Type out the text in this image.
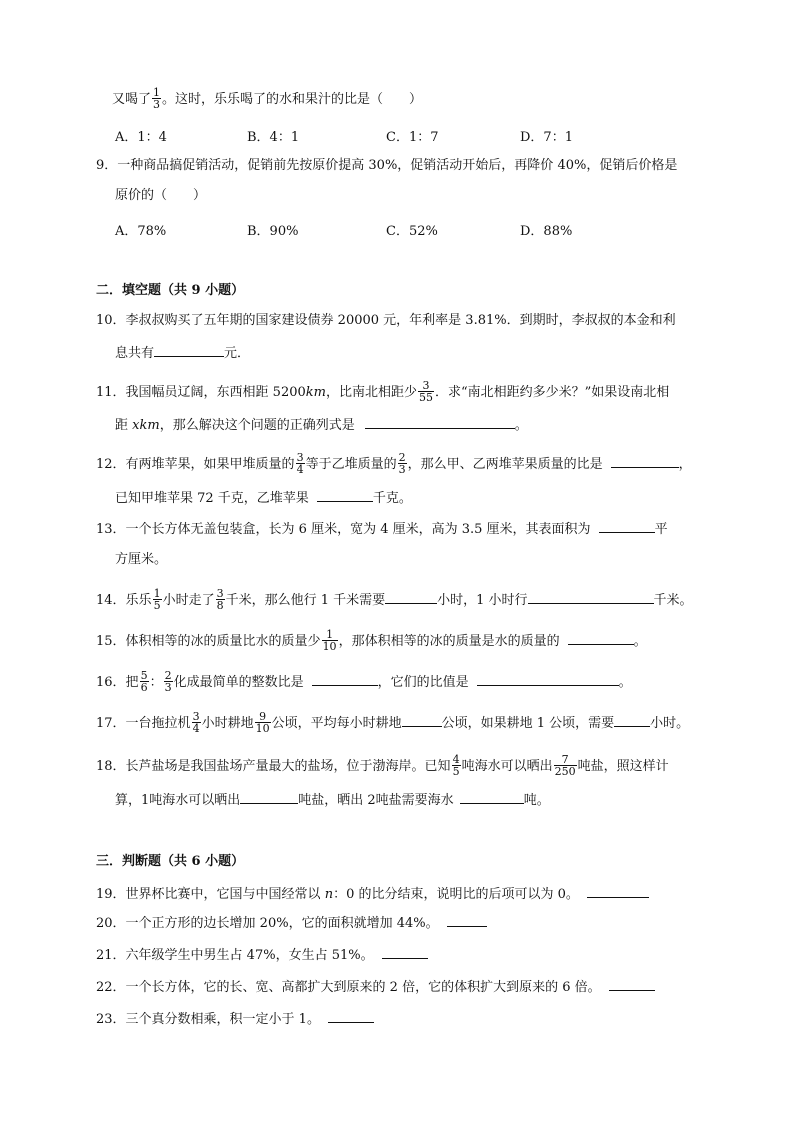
又喝了 $\frac{1}{3}$ 。这时，乐乐喝了的水和果汁的比是（　　）
A．1：4	B．4：1	C．1：7	D．7：1
9．一种商品搞促销活动，促销前先按原价提高 30%，促销活动开始后，再降价 40%，促销后价格是
原价的（　　）
A．78%	B．90%	C．52%	D．88%
二．填空题（共 9 小题）
10．李叔叔购买了五年期的国家建设债券 20000 元，年利率是 3.81%．到期时，李叔叔的本金和利
息共有	元．
11．我国幅员辽阔，东西相距 5200km，比南北相距少 $\frac{3}{55}$ ．求“南北相距约多少米？”如果设南北相
距 xkm，那么解决这个问题的正确列式是	。
12．有两堆苹果，如果甲堆质量的 $\frac{3}{4}$ 等于乙堆质量的 $\frac{2}{3}$ ，那么甲、乙两堆苹果质量的比是	，
已知甲堆苹果 72 千克，乙堆苹果	千克。
13．一个长方体无盖包装盒，长为 6 厘米，宽为 4 厘米，高为 3.5 厘米，其表面积为	平
方厘米。
14．乐乐 $\frac{1}{5}$ 小时走了 $\frac{3}{8}$ 千米，那么他行 1 千米需要	小时，1 小时行	千米。
15．体积相等的冰的质量比水的质量少 $\frac{1}{10}$ ，那体积相等的冰的质量是水的质量的	。
16．把 $\frac{5}{6}$ ： $\frac{2}{3}$ 化成最简单的整数比是	，它们的比值是	。
17．一台拖拉机 $\frac{3}{4}$ 小时耕地 $\frac{9}{10}$ 公顷，平均每小时耕地	公顷，如果耕地 1 公顷，需要	小时。
18．长芦盐场是我国盐场产量最大的盐场，位于渤海岸。已知 $\frac{4}{5}$ 吨海水可以晒出 $\frac{7}{250}$ 吨盐，照这样计
算，1吨海水可以晒出	吨盐，晒出 2吨盐需要海水	吨。
三．判断题（共 6 小题）
19．世界杯比赛中，它国与中国经常以 n：0 的比分结束，说明比的后项可以为 0。
20．一个正方形的边长增加 20%，它的面积就增加 44%。
21．六年级学生中男生占 47%，女生占 51%。
22．一个长方体，它的长、宽、高都扩大到原来的 2 倍，它的体积扩大到原来的 6 倍。
23．三个真分数相乘，积一定小于 1。
